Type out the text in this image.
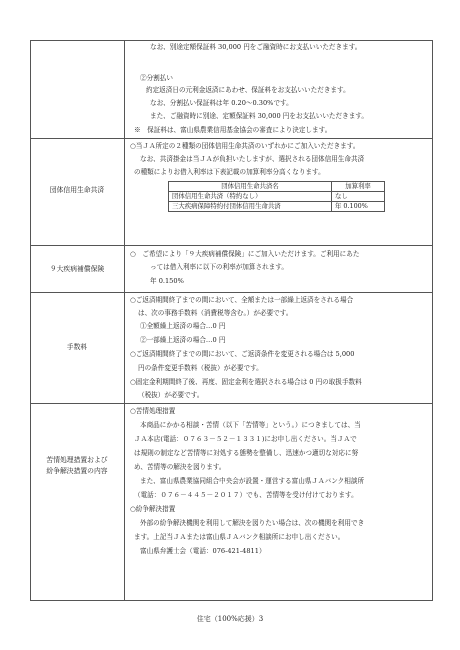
なお、別途定額保証料 30,000 円をご融資時にお支払いいただきます。
②分割払い
約定返済日の元利金返済にあわせ、保証料をお支払いいただきます。
なお、分割払い保証料は年 0.20～0.30%です。
また、ご融資時に別途、定額保証料 30,000 円をお支払いいただきます。
※　保証料は、富山県農業信用基金協会の審査により決定します。
団体信用生命共済
○当ＪＡ所定の２種類の団体信用生命共済のいずれかにご加入いただきます。
なお、共済掛金は当ＪＡが負担いたしますが、選択される団体信用生命共済
の種類によりお借入利率は下表記載の加算利率分高くなります。
団体信用生命共済名	加算利率
団体信用生命共済（特約なし）	なし
三大疾病保障特約付団体信用生命共済	年 0.100%
９大疾病補償保険
○　ご希望により「９大疾病補償保険」にご加入いただけます。ご利用にあた
っては借入利率に以下の利率が加算されます。
年 0.150%
手数料
○ご返済期間終了までの間において、全額または一部繰上返済をされる場合
は、次の事務手数料（消費税等含む。）が必要です。
①全額繰上返済の場合…0 円
②一部繰上返済の場合…0 円
○ご返済期間終了までの間において、ご返済条件を変更される場合は 5,000
円の条件変更手数料（税抜）が必要です。
○固定金利期間終了後、再度、固定金利を選択される場合は 0 円の取扱手数料
（税抜）が必要です。
苦情処理措置および
紛争解決措置の内容
○苦情処理措置
本商品にかかる相談・苦情（以下「苦情等」という。）につきましては、当
ＪＡ本店(電話：０７６３－５２－１３３１)にお申し出ください。当ＪＡで
は規則の制定など苦情等に対処する態勢を整備し、迅速かつ適切な対応に努
め、苦情等の解決を図ります。
また、富山県農業協同組合中央会が設置・運営する富山県ＪＡバンク相談所
（電話：０７６－４４５－２０１７）でも、苦情等を受け付けております。
○紛争解決措置
外部の紛争解決機関を利用して解決を図りたい場合は、次の機関を利用でき
ます。上記当ＪＡまたは富山県ＪＡバンク相談所にお申し出ください。
富山県弁護士会（電話：076-421-4811）
住宅（100%応援）3
